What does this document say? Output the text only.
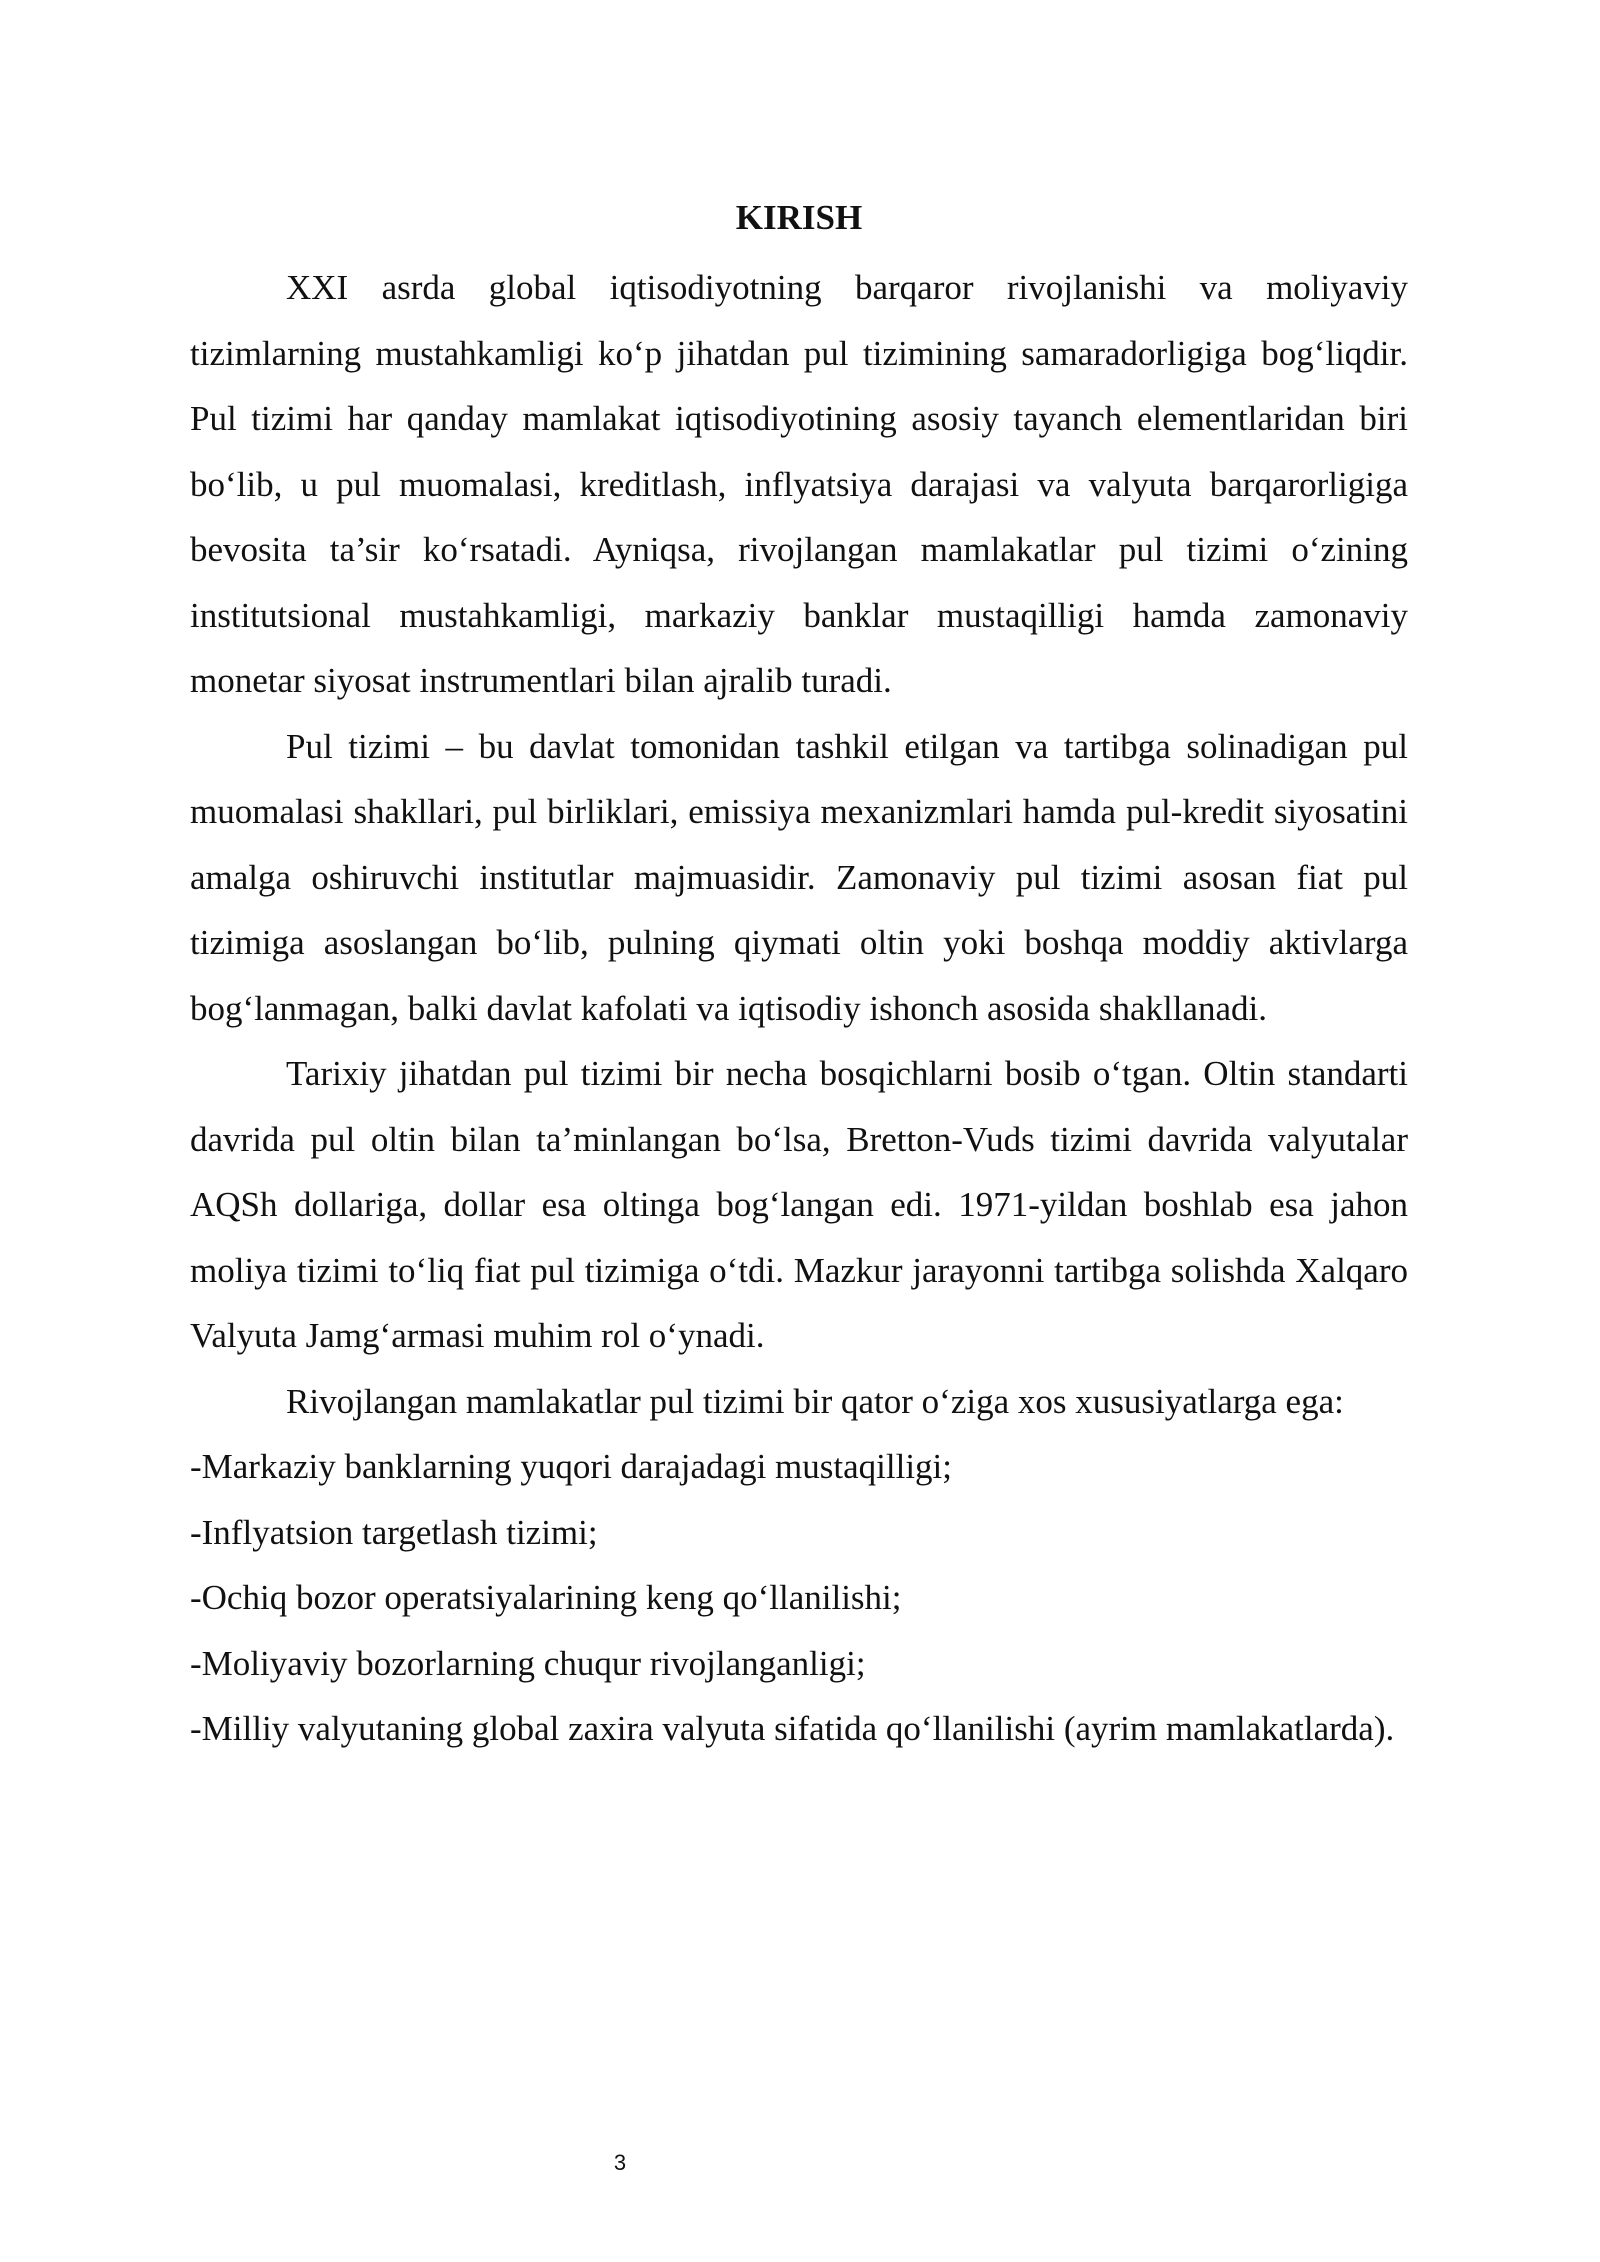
KIRISH

XXI asrda global iqtisodiyotning barqaror rivojlanishi va moliyaviy tizimlarning mustahkamligi ko‘p jihatdan pul tizimining samaradorligiga bog‘liqdir. Pul tizimi har qanday mamlakat iqtisodiyotining asosiy tayanch elementlaridan biri bo‘lib, u pul muomalasi, kreditlash, inflyatsiya darajasi va valyuta barqarorligiga bevosita ta’sir ko‘rsatadi. Ayniqsa, rivojlangan mamlakatlar pul tizimi o‘zining institutsional mustahkamligi, markaziy banklar mustaqilligi hamda zamonaviy monetar siyosat instrumentlari bilan ajralib turadi.

Pul tizimi – bu davlat tomonidan tashkil etilgan va tartibga solinadigan pul muomalasi shakllari, pul birliklari, emissiya mexanizmlari hamda pul-kredit siyosatini amalga oshiruvchi institutlar majmuasidir. Zamonaviy pul tizimi asosan fiat pul tizimiga asoslangan bo‘lib, pulning qiymati oltin yoki boshqa moddiy aktivlarga bog‘lanmagan, balki davlat kafolati va iqtisodiy ishonch asosida shakllanadi.

Tarixiy jihatdan pul tizimi bir necha bosqichlarni bosib o‘tgan. Oltin standarti davrida pul oltin bilan ta’minlangan bo‘lsa, Bretton-Vuds tizimi davrida valyutalar AQSh dollariga, dollar esa oltinga bog‘langan edi. 1971-yildan boshlab esa jahon moliya tizimi to‘liq fiat pul tizimiga o‘tdi. Mazkur jarayonni tartibga solishda Xalqaro Valyuta Jamg‘armasi muhim rol o‘ynadi.

Rivojlangan mamlakatlar pul tizimi bir qator o‘ziga xos xususiyatlarga ega:

-Markaziy banklarning yuqori darajadagi mustaqilligi;
-Inflyatsion targetlash tizimi;
-Ochiq bozor operatsiyalarining keng qo‘llanilishi;
-Moliyaviy bozorlarning chuqur rivojlanganligi;
-Milliy valyutaning global zaxira valyuta sifatida qo‘llanilishi (ayrim mamlakatlarda).
3
